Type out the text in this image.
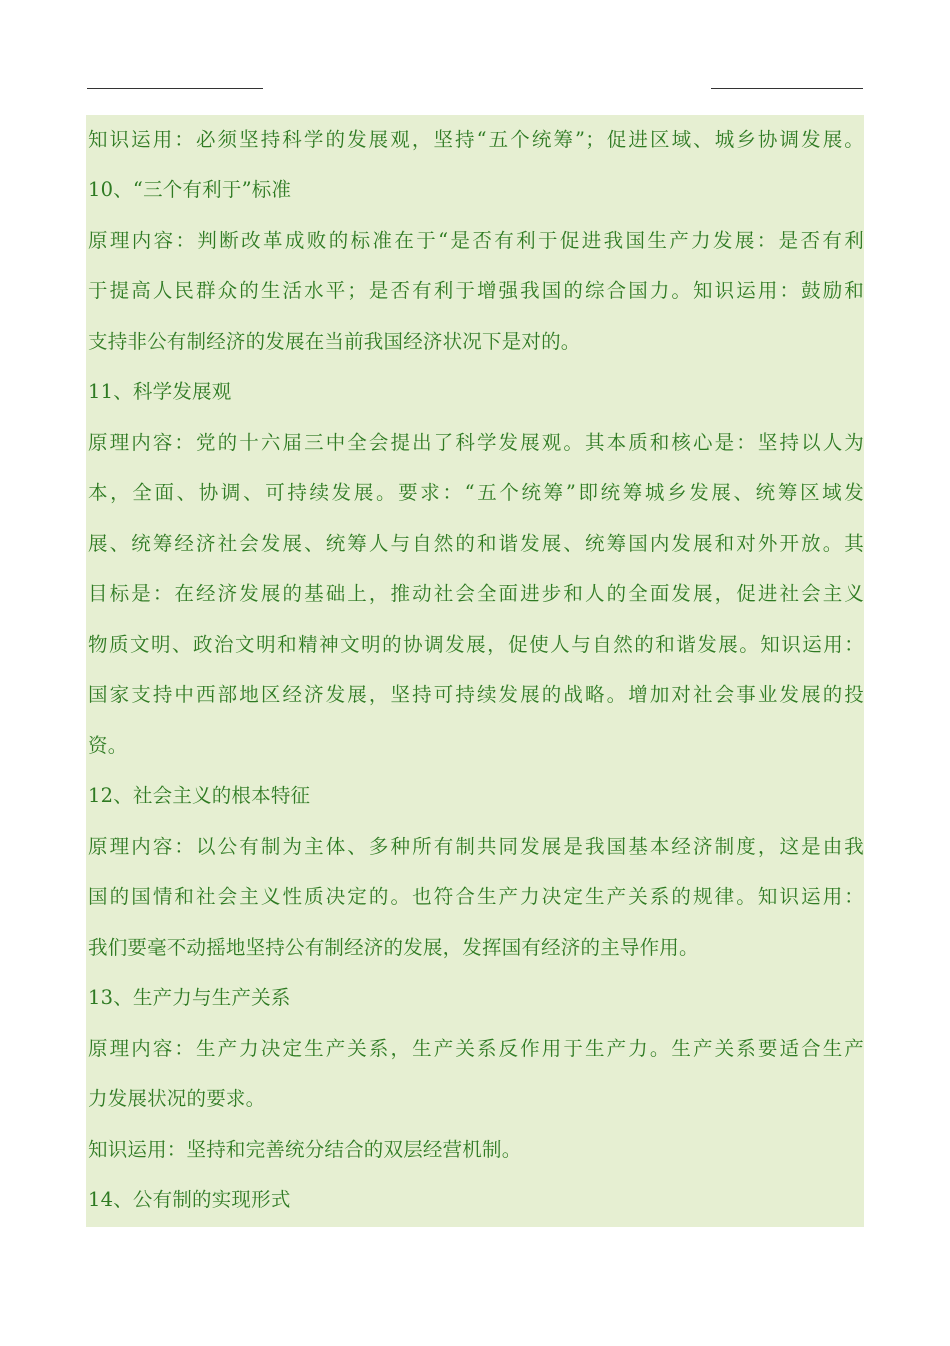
知识运用：必须坚持科学的发展观，坚持“五个统筹”；促进区域、城乡协调发展。
10、“三个有利于”标准
原理内容：判断改革成败的标准在于“是否有利于促进我国生产力发展：是否有利
于提高人民群众的生活水平；是否有利于增强我国的综合国力。知识运用：鼓励和
支持非公有制经济的发展在当前我国经济状况下是对的。
11、科学发展观
原理内容：党的十六届三中全会提出了科学发展观。其本质和核心是：坚持以人为
本，全面、协调、可持续发展。要求：“五个统筹”即统筹城乡发展、统筹区域发
展、统筹经济社会发展、统筹人与自然的和谐发展、统筹国内发展和对外开放。其
目标是：在经济发展的基础上，推动社会全面进步和人的全面发展，促进社会主义
物质文明、政治文明和精神文明的协调发展，促使人与自然的和谐发展。知识运用：
国家支持中西部地区经济发展，坚持可持续发展的战略。增加对社会事业发展的投
资。
12、社会主义的根本特征
原理内容：以公有制为主体、多种所有制共同发展是我国基本经济制度，这是由我
国的国情和社会主义性质决定的。也符合生产力决定生产关系的规律。知识运用：
我们要毫不动摇地坚持公有制经济的发展，发挥国有经济的主导作用。
13、生产力与生产关系
原理内容：生产力决定生产关系，生产关系反作用于生产力。生产关系要适合生产
力发展状况的要求。
知识运用：坚持和完善统分结合的双层经营机制。
14、公有制的实现形式
